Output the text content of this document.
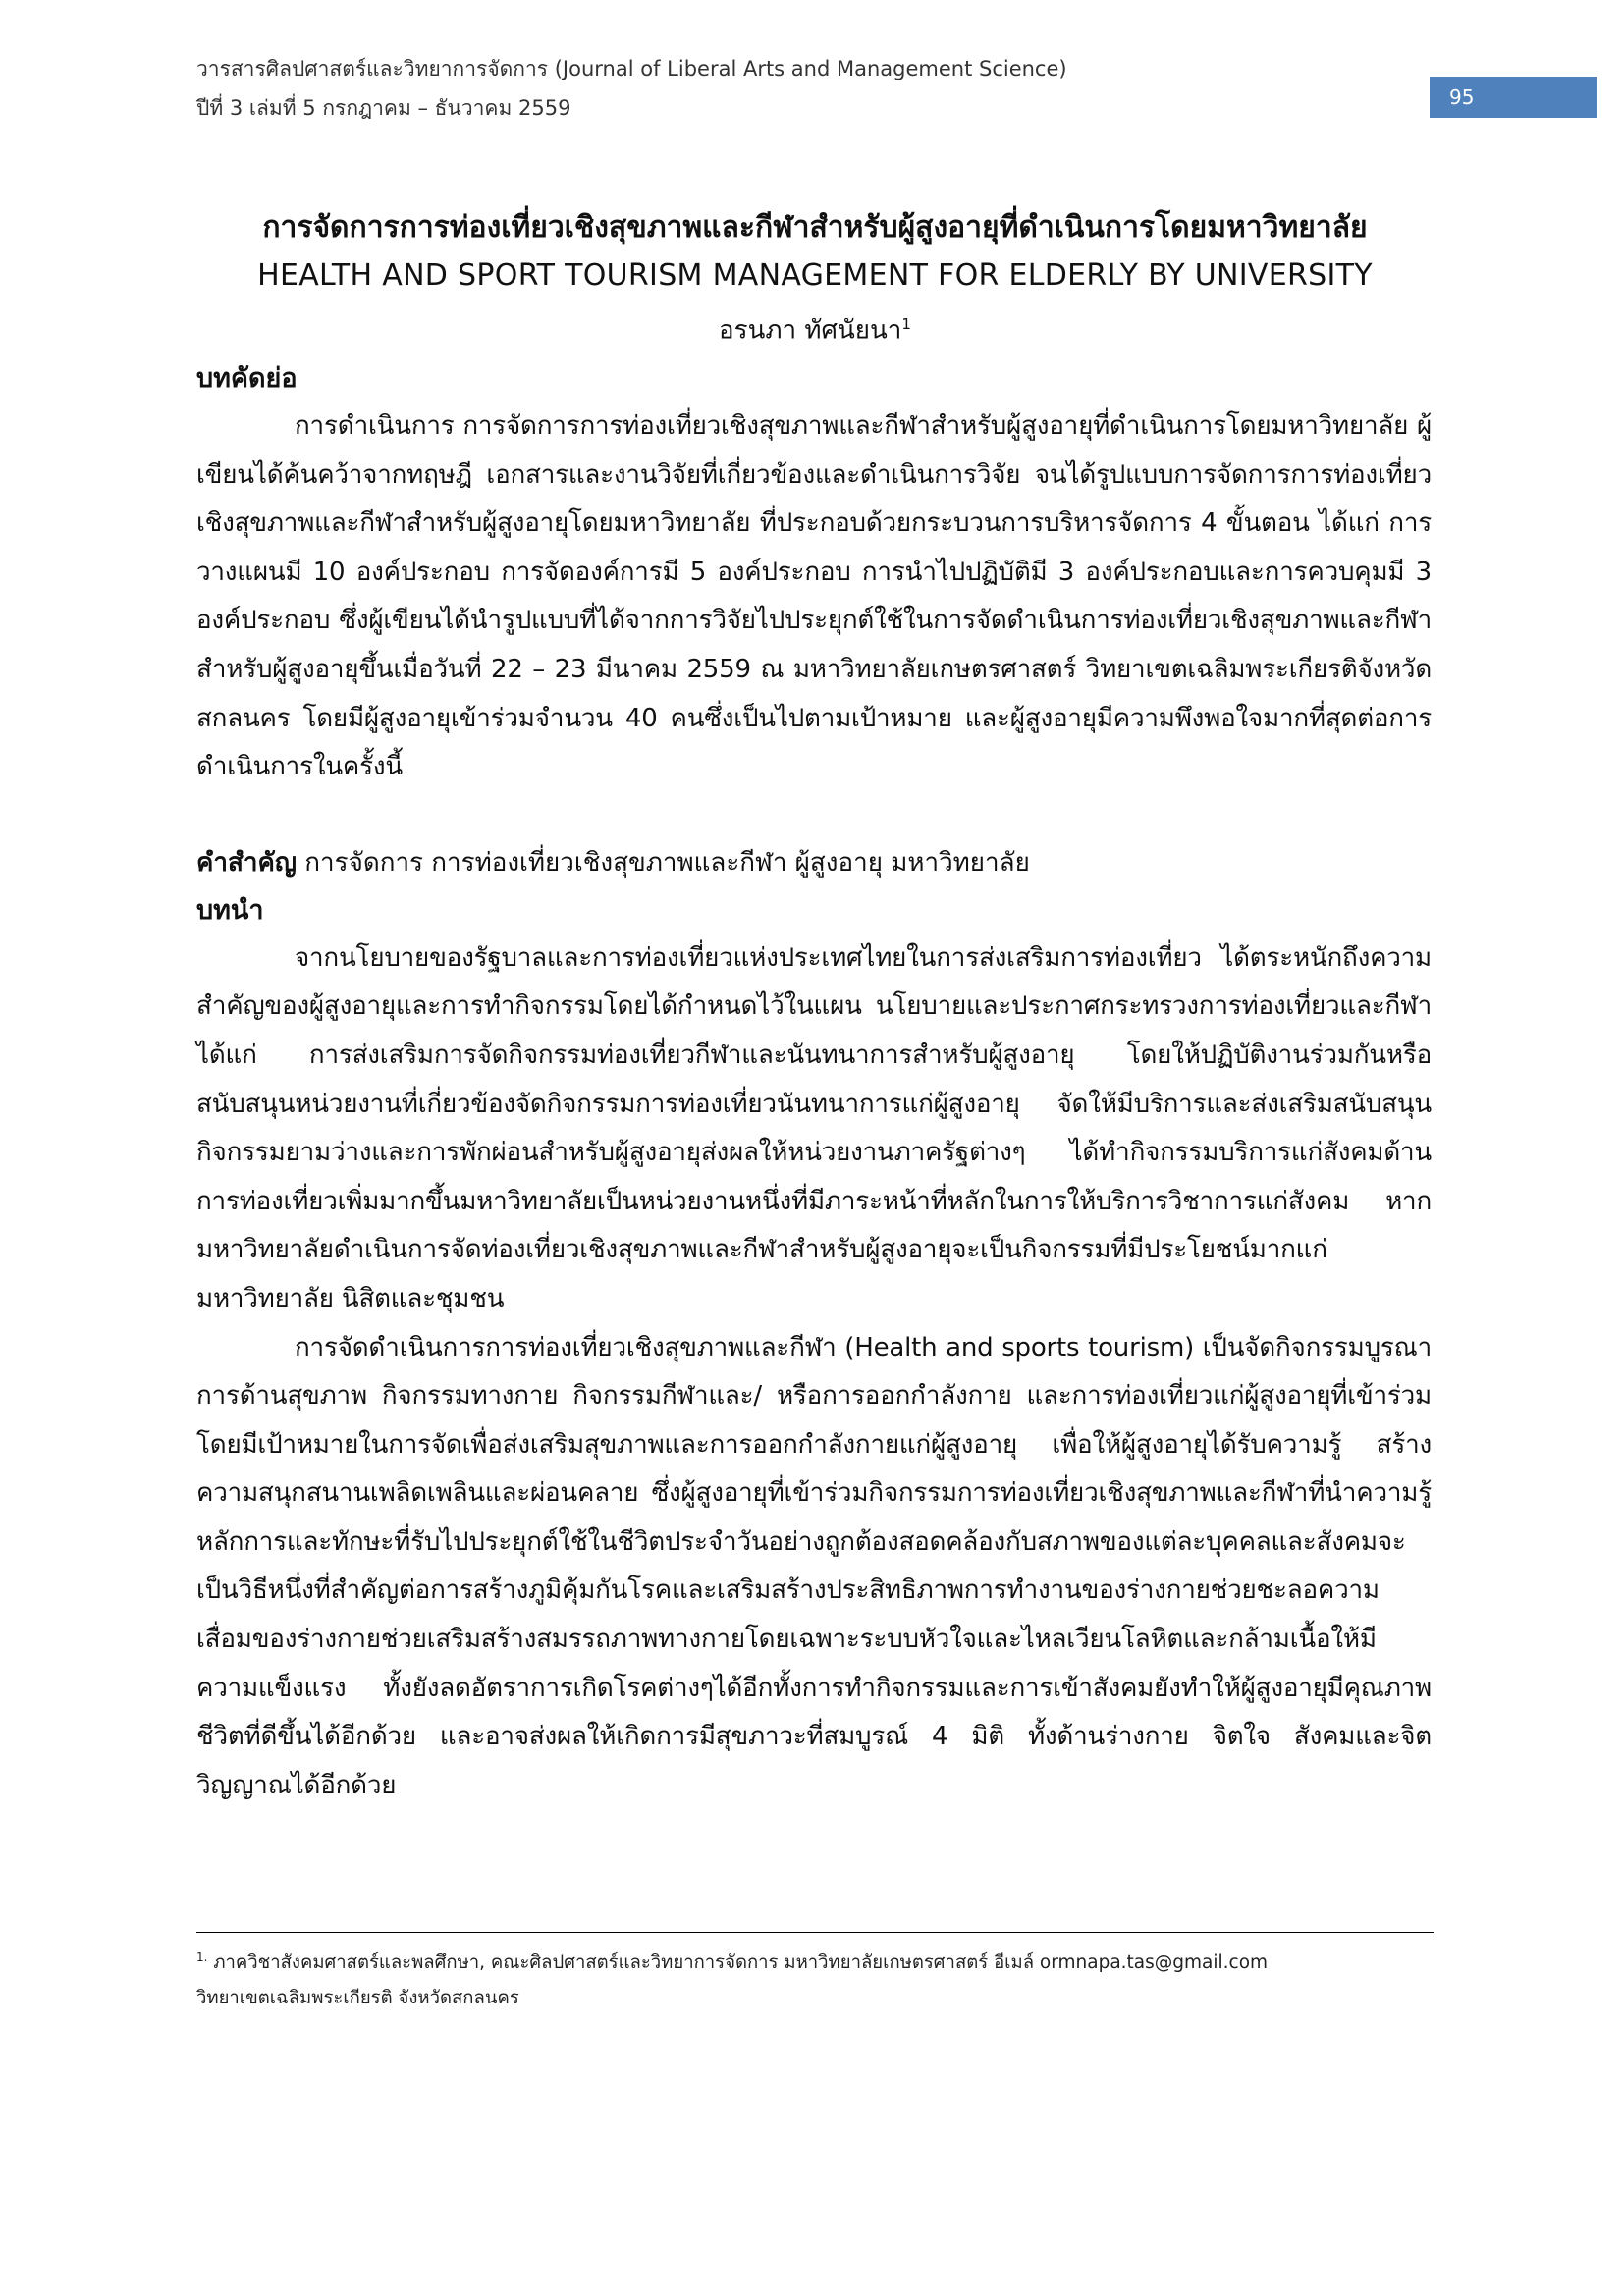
วารสารศิลปศาสตร์และวิทยาการจัดการ (Journal of Liberal Arts and Management Science)
ปีที่ 3 เล่มที่ 5 กรกฎาคม – ธันวาคม 2559	95
การจัดการการท่องเที่ยวเชิงสุขภาพและกีฬาสำหรับผู้สูงอายุที่ดำเนินการโดยมหาวิทยาลัย
HEALTH AND SPORT TOURISM MANAGEMENT FOR ELDERLY BY UNIVERSITY
อรนภา ทัศนัยนา$^1$

บทคัดย่อ

การดำเนินการ การจัดการการท่องเที่ยวเชิงสุขภาพและกีฬาสำหรับผู้สูงอายุที่ดำเนินการโดยมหาวิทยาลัย ผู้เขียนได้ค้นคว้าจากทฤษฎี เอกสารและงานวิจัยที่เกี่ยวข้องและดำเนินการวิจัย จนได้รูปแบบการจัดการการท่องเที่ยวเชิงสุขภาพและกีฬาสำหรับผู้สูงอายุโดยมหาวิทยาลัย ที่ประกอบด้วยกระบวนการบริหารจัดการ 4 ขั้นตอน ได้แก่ การวางแผนมี 10 องค์ประกอบ การจัดองค์การมี 5 องค์ประกอบ การนำไปปฏิบัติมี 3 องค์ประกอบและการควบคุมมี 3 องค์ประกอบ ซึ่งผู้เขียนได้นำรูปแบบที่ได้จากการวิจัยไปประยุกต์ใช้ในการจัดดำเนินการท่องเที่ยวเชิงสุขภาพและกีฬาสำหรับผู้สูงอายุขึ้นเมื่อวันที่ 22 – 23 มีนาคม 2559 ณ มหาวิทยาลัยเกษตรศาสตร์ วิทยาเขตเฉลิมพระเกียรติจังหวัดสกลนคร โดยมีผู้สูงอายุเข้าร่วมจำนวน 40 คนซึ่งเป็นไปตามเป้าหมาย และผู้สูงอายุมีความพึงพอใจมากที่สุดต่อการดำเนินการในครั้งนี้

คำสำคัญ การจัดการ การท่องเที่ยวเชิงสุขภาพและกีฬา ผู้สูงอายุ มหาวิทยาลัย

บทนำ

จากนโยบายของรัฐบาลและการท่องเที่ยวแห่งประเทศไทยในการส่งเสริมการท่องเที่ยว ได้ตระหนักถึงความสำคัญของผู้สูงอายุและการทำกิจกรรมโดยได้กำหนดไว้ในแผน นโยบายและประกาศกระทรวงการท่องเที่ยวและกีฬา ได้แก่ การส่งเสริมการจัดกิจกรรมท่องเที่ยวกีฬาและนันทนาการสำหรับผู้สูงอายุ โดยให้ปฏิบัติงานร่วมกันหรือสนับสนุนหน่วยงานที่เกี่ยวข้องจัดกิจกรรมการท่องเที่ยวนันทนาการแก่ผู้สูงอายุ จัดให้มีบริการและส่งเสริมสนับสนุนกิจกรรมยามว่างและการพักผ่อนสำหรับผู้สูงอายุส่งผลให้หน่วยงานภาครัฐต่างๆ ได้ทำกิจกรรมบริการแก่สังคมด้านการท่องเที่ยวเพิ่มมากขึ้นมหาวิทยาลัยเป็นหน่วยงานหนึ่งที่มีภาระหน้าที่หลักในการให้บริการวิชาการแก่สังคม หากมหาวิทยาลัยดำเนินการจัดท่องเที่ยวเชิงสุขภาพและกีฬาสำหรับผู้สูงอายุจะเป็นกิจกรรมที่มีประโยชน์มากแก่มหาวิทยาลัย นิสิตและชุมชน

การจัดดำเนินการการท่องเที่ยวเชิงสุขภาพและกีฬา (Health and sports tourism) เป็นจัดกิจกรรมบูรณาการด้านสุขภาพ กิจกรรมทางกาย กิจกรรมกีฬาและ/ หรือการออกกำลังกาย และการท่องเที่ยวแก่ผู้สูงอายุที่เข้าร่วม โดยมีเป้าหมายในการจัดเพื่อส่งเสริมสุขภาพและการออกกำลังกายแก่ผู้สูงอายุ เพื่อให้ผู้สูงอายุได้รับความรู้ สร้างความสนุกสนานเพลิดเพลินและผ่อนคลาย ซึ่งผู้สูงอายุที่เข้าร่วมกิจกรรมการท่องเที่ยวเชิงสุขภาพและกีฬาที่นำความรู้ หลักการและทักษะที่รับไปประยุกต์ใช้ในชีวิตประจำวันอย่างถูกต้องสอดคล้องกับสภาพของแต่ละบุคคลและสังคมจะเป็นวิธีหนึ่งที่สำคัญต่อการสร้างภูมิคุ้มกันโรคและเสริมสร้างประสิทธิภาพการทำงานของร่างกายช่วยชะลอความเสื่อมของร่างกายช่วยเสริมสร้างสมรรถภาพทางกายโดยเฉพาะระบบหัวใจและไหลเวียนโลหิตและกล้ามเนื้อให้มีความแข็งแรง ทั้งยังลดอัตราการเกิดโรคต่างๆได้อีกทั้งการทำกิจกรรมและการเข้าสังคมยังทำให้ผู้สูงอายุมีคุณภาพชีวิตที่ดีขึ้นได้อีกด้วย และอาจส่งผลให้เกิดการมีสุขภาวะที่สมบูรณ์ 4 มิติ ทั้งด้านร่างกาย จิตใจ สังคมและจิตวิญญาณได้อีกด้วย

$^{1.}$ ภาควิชาสังคมศาสตร์และพลศึกษา, คณะศิลปศาสตร์และวิทยาการจัดการ มหาวิทยาลัยเกษตรศาสตร์ อีเมล์ ormnapa.tas@gmail.com
วิทยาเขตเฉลิมพระเกียรติ จังหวัดสกลนคร
